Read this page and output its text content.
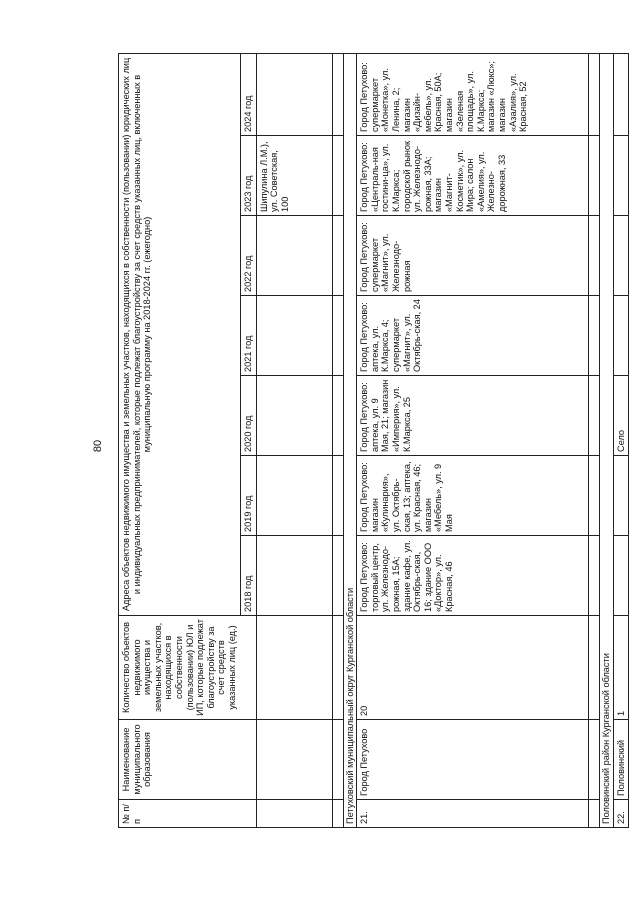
80
№ п/п	Наименование муниципального образования	Количество объектов недвижимого имущества и земельных участков, находящихся в собственности (пользовании) ЮЛ и ИП, которые подлежат благоустройству за счет средств указанных лиц (ед.)	Адреса объектов недвижимого имущества и земельных участков, находящихся в собственности (пользовании) юридических лиц и индивидуальных предпринимателей, которые подлежат благоустройству за счет средств указанных лиц, включенных в муниципальную программу на 2018-2024 гг. (ежегодно)						
			2018 год	2019 год	2020 год	2021 год	2022 год	2023 год	2024 год
								Шипулина Л.М.), ул. Советская, 100	

Петуховский муниципальный округ Курганской области									
21.	Город Петухово	20	Город Петухово: торговый центр, ул. Железнодо-рожная, 15А; здание кафе, ул. Октябрь-ская, 16; здание ООО «Доктор», ул. Красная, 46	Город Петухово: магазин «Кулинария», ул. Октябрь-ская, 13; аптека, ул. Красная, 46; магазин «Мебель», ул. 9 Мая	Город Петухово: аптека, ул. 9 Мая, 21; магазин «Империя», ул. К.Маркса, 25	Город Петухово: аптека, ул. К.Маркса, 4; супермаркет «Магнит», ул. Октябрь-ская, 24	Город Петухово: супермаркет «Магнит», ул. Железнодо-рожная	Город Петухово: «Централь-ная гостини-ца», ул. К.Маркса; городской рынок ул. Железнодо-рожная, 33А; магазин «Магнит-Косметик», ул. Мира; салон «Амелия», ул. Железно-дорожная, 33	Город Петухово: супермаркет «Монетка», ул. Ленина, 2; магазин «Дизайн-мебель», ул. Красная, 50А; магазин «Зеленая площадь», ул. К.Маркса; магазин «Люкс»; магазин «Азалия», ул. Красная, 52

Половинский район Курганской области									
22.	Половинский	1			Село				
